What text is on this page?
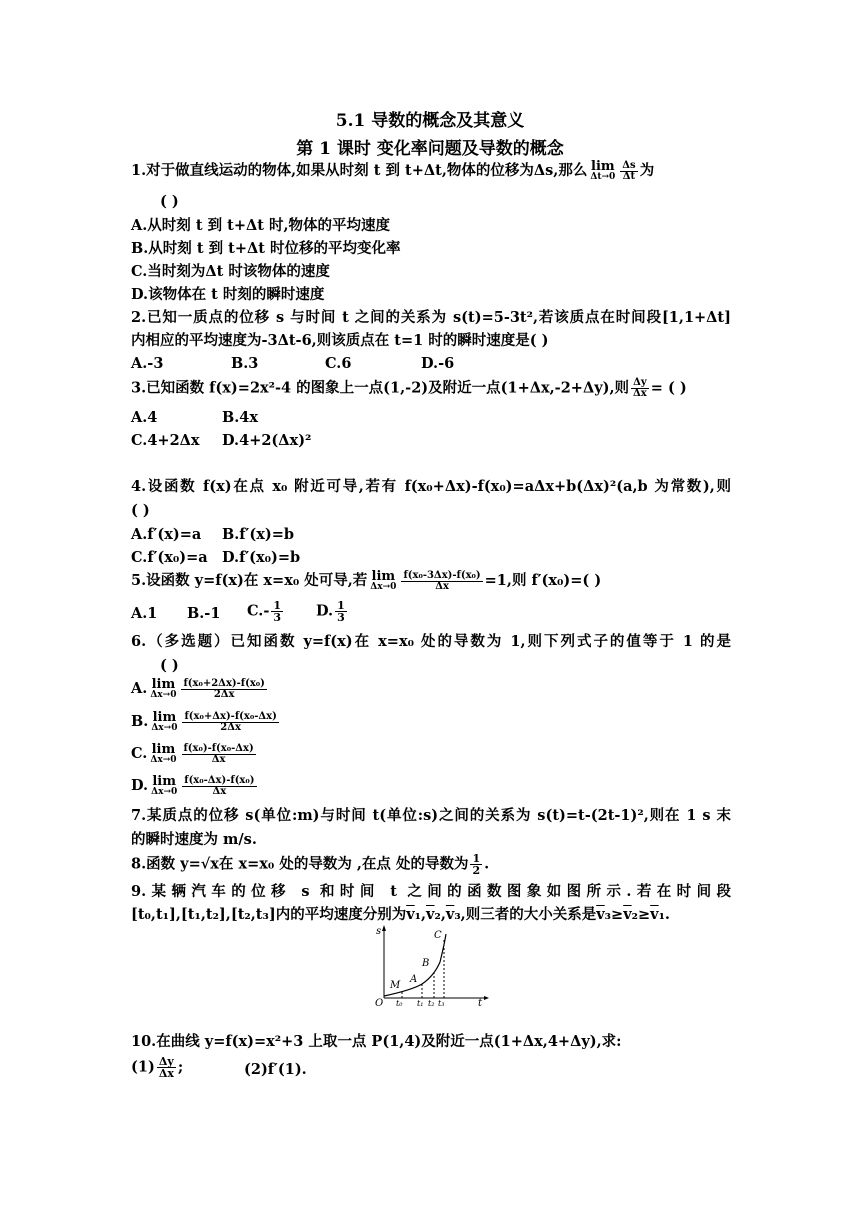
5.1 导数的概念及其意义
第 1 课时 变化率问题及导数的概念
1.对于做直线运动的物体,如果从时刻 t 到 t+Δt,物体的位移为Δs,那么 lim
$\Delta t\to 0 \frac{\Delta s}{\Delta t}$ 为
( )
A.从时刻 t 到 t+Δt 时,物体的平均速度
B.从时刻 t 到 t+Δt 时位移的平均变化率
C.当时刻为Δt 时该物体的速度
D.该物体在 t 时刻的瞬时速度
2.已知一质点的位移 s 与时间 t 之间的关系为 s(t)=5-3t²,若该质点在时间段[1,1+Δt]
内相应的平均速度为-3Δt-6,则该质点在 t=1 时的瞬时速度是( )
A.-3	B.3	C.6	D.-6
3.已知函数 f(x)=2x²-4 的图象上一点(1,-2)及附近一点(1+Δx,-2+Δy),则 $\frac{\Delta y}{\Delta x}$ = ( )
A.4	B.4x
C.4+2Δx D.4+2(Δx)²
4.设函数 f(x)在点 x₀ 附近可导,若有 f(x₀+Δx)-f(x₀)=aΔx+b(Δx)²(a,b 为常数),则
( )
A.f′(x)=a B.f′(x)=b
C.f′(x₀)=a D.f′(x₀)=b
5.设函数 y=f(x)在 x=x₀ 处可导,若 lim
$\Delta x\to 0 \frac{\text{f(x₀-3Δx)-f(x₀)}}{\Delta x} =1$,则 f′(x₀)=( )
A.1 B.-1 $C.- \frac{1}{3} D$. $\frac{1}{3}$
6.（多选题）已知函数 y=f(x)在 x=x₀ 处的导数为 1,则下列式子的值等于 1 的是
( )
A. lim
$\Delta x\to 0 \frac{\text{f(x₀+2Δx)-f(x₀)}}{2\Delta x}$
B. lim
$\Delta x\to 0 \frac{\text{f(x₀+Δx)-f(x₀-Δx)}}{2\Delta x}$
C. lim
$\Delta x\to 0 \frac{\text{f(x₀)-f(x₀-Δx)}}{\Delta x}$
D. lim
$\Delta x\to 0 \frac{\text{f(x₀-Δx)-f(x₀)}}{\Delta x}$
7.某质点的位移 s(单位:m)与时间 t(单位:s)之间的关系为 s(t)=t-(2t-1)²,则在 1 s 末
的瞬时速度为 m/s.
8.函数 y=√x在 x=x₀ 处的导数为 ,在点 处的导数为 $\frac{1}{2}$ .
9.某辆汽车的位移 s 和时间 t 之间的函数图象如图所示.若在时间段
[t₀,t₁],[t₁,t₂],[t₂,t₃]内的平均速度分别为$\overline{v}_1,\overline{v}_2,\overline{v}_3$,则三者的大小关系是$\overline{v}_3\ge\overline{v}_2\ge\overline{v}_1$.
s
t
O
M
A
B
C
t₀ t₁ t₂ t₃
10.在曲线 y=f(x)=x²+3 上取一点 P(1,4)及附近一点(1+Δx,4+Δy),求:
$(1) \frac{\Delta y}{\Delta x}$ ;	(2)f′(1).
